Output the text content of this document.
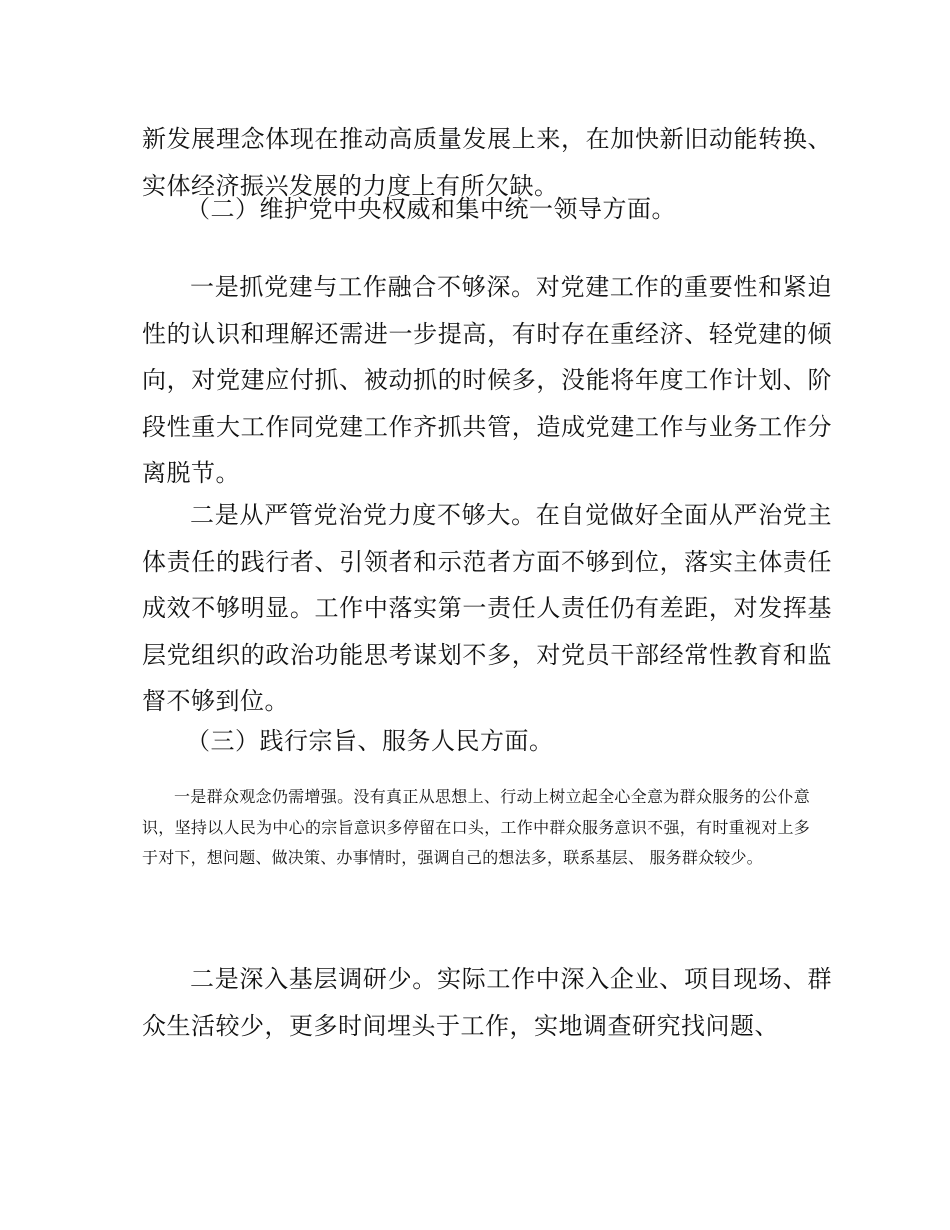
新发展理念体现在推动高质量发展上来，在加快新旧动能转换、实体经济振兴发展的力度上有所欠缺。

（二）维护党中央权威和集中统一领导方面。

一是抓党建与工作融合不够深。对党建工作的重要性和紧迫性的认识和理解还需进一步提高，有时存在重经济、轻党建的倾向，对党建应付抓、被动抓的时候多，没能将年度工作计划、阶段性重大工作同党建工作齐抓共管，造成党建工作与业务工作分离脱节。

二是从严管党治党力度不够大。在自觉做好全面从严治党主体责任的践行者、引领者和示范者方面不够到位，落实主体责任成效不够明显。工作中落实第一责任人责任仍有差距，对发挥基层党组织的政治功能思考谋划不多，对党员干部经常性教育和监督不够到位。

（三）践行宗旨、服务人民方面。

一是群众观念仍需增强。没有真正从思想上、行动上树立起全心全意为群众服务的公仆意识，坚持以人民为中心的宗旨意识多停留在口头，工作中群众服务意识不强，有时重视对上多于对下，想问题、做决策、办事情时，强调自己的想法多，联系基层、 服务群众较少。

二是深入基层调研少。实际工作中深入企业、项目现场、群众生活较少，更多时间埋头于工作，实地调查研究找问题、
